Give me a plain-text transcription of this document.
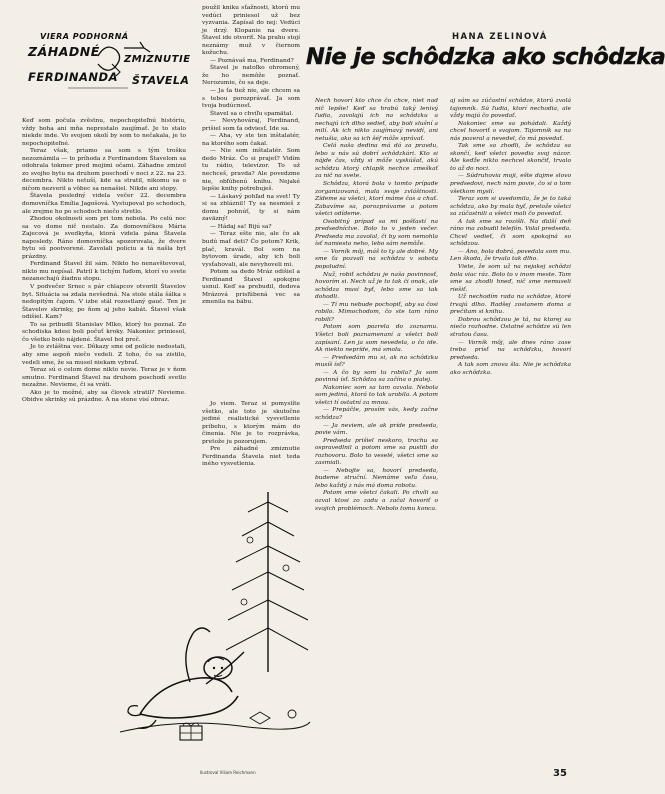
VIERA PODHORNÁ
ZÁHADNÉ
ZMIZNUTIE
FERDINANDA ŠTAVELA

Keď som počula zvěstnu, nepochopiteľnú históriu, vždy boha ani mňa neprestalo zaujímať. Je to stalo niekde inde. Vo svojom okolí by som to nečakala, je to nepochopiteľné.

Teraz však, priamo sa som s tým trošku nezoznámila — to príhoda z Ferdinandom Štavelom sa odohrala tokmer pred mojimi očami. Záhadne zmizol zo svojho bytu na druhom poschodí v noci z 22. na 23. decembra. Nikto netuší, kde sa stratil, nikomu sa o ničom nezveril a vôbec sa nenašiel. Nikde ani stopy.

Štavela posledný videla večer 22. decembra domovníčka Emília Jagošová. Vystupoval po schodoch, ale zrejme ho po schodoch niečo stretlo.

Zhodou okolností som pri tom nebola. Po celú noc sa vo dome nič nestalo. Za domovníčkou Mária Zajecová je svedkyňa, ktorá videla pána Štavela naposledy. Ráno domovníčka spozorovala, že dvere bytu sú pootvorené. Zavolali políciu a tá našla byt prázdny.

Ferdinand Štavel žil sám. Nikto ho nenavštevoval, nikto mu nepísal. Patril k tichým ľuďom, ktorí vo svete nezanechajú žiadnu stopu.

V podvečer Srnec s pár chlapcov otvorili Štavelov byt. Situácia sa zdala nevšedná. Na stole stála šálka s nedopitým čajom. V izbe stál rozostlaný gauč. Ten je Štavelov skrinky, po ňom aj jeho kabát. Štavel však odišiel. Kam?

To sa pribudli Stanislav Mlko, ktorý ho poznal. Zo schodiska kdesi boli počuť kroky. Nakoniec priniesol, čo všetko bolo nájdené. Štavel bol preč.

Je to zvláštna vec. Dôkazy sme od polície nedostali, aby sme aspoň niečo vedeli. Z toho, čo sa zistilo, vedeli sme, že sa musel niekam vybrať.

Teraz sú o celom dome nikto nevie. Teraz je v ňom smutno. Ferdinand Štavel na druhom poschodí svetlo nezažne. Nevieme, či sa vráti.

Ako je to možné, aby sa človek stratil? Nevieme. Obidve skrinky sú prázdne. A na stene visí obraz.

použil kniku sťažnosti, ktorú mu vedúci priniesol už bez vyzvania. Zapísal do nej: Vedúci je drzý. Klopanie na dvere. Štavel ide otvoriť. Na prahu stojí neznámy muž v čiernom kožuchu.

— Poznávaš ma, Ferdinand?

Štavel je natoľko ohromený, že ho nemôže poznať. Nerozumie, čo sa deje.

— Ja ťa tiež nie, ale chcem sa s tebou porozprávať. Ja som tvoja budúcnosť.

Štavel sa o chvíľu spamätal.

— Nevyhováraj, Ferdinand, prišiel som ťa odviesť. Ide sa.

— Aha, vy ste ten inštalatér, na ktorého som čakal.

— Nie som inštalatér. Som dedo Mráz. Čo si prajeť? Vidím tu rádio, televízor. To už nechceš, pravda? Ale povedzme nie, obľúbenú knihu. Nejaké lepšie knihy potrebuješ.

— Láskavý pohľad na svet! Ty si sa zbláznil! Ty sa nesmieš z domu pohnúť, ty si nám zaväzný!

— Hádaj sa! Bijú sa?

— Teraz ešte nie, ale čo ak budú mať deti? Čo potom? Krik, plač, kravál. Bol som na bytovom úrade, aby ich boli vysťahovali, ale nevyhoveli mi.

Potom sa dedo Mráz odišiel a Ferdinand Štavel spokojne usnul. Keď sa prebudil, dedova Mrázová prisľúbená vec sa zmenila na bábu.

Jo viem. Teraz si pomyslíte všetko, ale toto je skutočne jediné realistické vysvetlenie príbehu, s ktorým mám do činenia. Nie je to rozprávka, pretože ju pozorujem.

Pre záhadné zmiznutie Ferdinanda Štavela niet teda iného vysvetlenia.

HANA ZELINOVÁ
Nie je schôdzka ako schôdzka

Nech hovorí kto chce čo chce, niet nad nič lepšie! Keď sa hrabú taký lenivý ľudia, zavolajú ich na schôdzku a nechajú ich dlho sedieť, aby boli slušní a milí. Ak ich nikto zaujímavý nevidí, ani netušia, ako sa ich šéf môže správať.

Celá naša dedina má dá za pravdu, lebo u nás sú dobrí schôdzkári. Kto si nájde čas, vždy si môže vyskúšať, akú schôdzu ktorý chlapík nechce zmeškať za nič na svete.

Schôdza, ktorá bola v tomto prípade zorganizovaná, mala svoje zvláštnosti. Zídeme sa všetci, ktorí máme čas a chuť. Zabavíme sa, porozprávame a potom všetci odídeme.

Osobitný prípad sa mi pošťastí na predsedníctve. Bolo to v jeden večer. Predseda ma zavolal, či by som nemohla ísť namiesto neho, lebo sám nemôže.

— Vorník môj, máš to ty ale dobré. My sme ťa pozvali na schôdzu v sobotu popoludní.

Nuž, robiť schôdzu je naša povinnosť, hovorím si. Nech už je to tak či onak, ale schôdza musí byť, lebo sme sa tak dohodli.

— Tí mu nebude pochopiť, aby sa čosi robilo. Mimochodom, čo ste tam ráno robili?

Potom som pozrela do zoznamu. Všetci boli poznamenaní a všetci boli zapísaní. Len ja som nevedela, o čo ide. Ak niekto nepríde, má smolu.

— Predsedám mu si, ak na schôdzku musíš ísť?

— A čo by som tu robila? Ja som povinná ísť. Schôdza sa začína o piatej.

Nakoniec som sa tam ozvala. Nebola som jediná, ktorá to tak urobila. A potom všetci tí ostatní za mnou.

— Prepáčte, prosím vás, kedy začne schôdza?

— Ja neviem, ale ak príde predseda, povie vám.

Predseda prišiel neskoro, trochu sa ospravedlnil a potom sme sa pustili do rozhovoru. Bolo to veselé, všetci sme sa zasmiali.

— Nebojte sa, hovorí predseda, budeme struční. Nemáme veľa času, lebo každý z nás má doma robotu.

Potom sme všetci čakali. Po chvíli sa ozval ktosi zo zadu a začal hovoriť o svojich problémoch. Nebolo tomu konca.

aj sám sa zúčastní schôdze, ktorú zvolá tajomník. Sú ľudia, ktorí nechodia, ale vždy majú čo povedať.

Nakoniec sme sa pohádali. Každý chcel hovoriť o svojom. Tajomník sa na nás pozeral a nevedel, čo má povedať.

Tak sme sa zhodli, že schôdza sa skončí, keď všetci povedia svoj názor. Ale keďže nikto nechcel skončiť, trvalo to až do noci.

— Súdruhovia moji, ešte dajme slovo predsedovi, nech nám povie, čo si o tom všetkom myslí.

Teraz som si uvedomila, že je to taká schôdza, ako by mala byť, pretože všetci sa zúčastnili a všetci mali čo povedať.

A tak sme sa rozišli. Na ďalší deň ráno ma zobudil telefón. Volal predseda. Chcel vedieť, či som spokojná so schôdzou.

— Áno, bola dobrá, povedala som mu. Len škoda, že trvala tak dlho.

Viete, že som už na nejakej schôdzi bola viac ráz. Bolo to v inom meste. Tam sme sa zhodli hneď, nič sme nemuseli riešiť.

Už nechodím rada na schôdze, ktoré trvajú dlho. Radšej zostanem doma a prečítam si knihu.

Dobrou schôdzou je tá, na ktorej sa niečo rozhodne. Ostatné schôdze sú len stratou času.

— Vorník môj, ale dnes ráno zase treba prísť na schôdzku, hovorí predseda.

A tak som znova šla. Nie je schôdzka ako schôdzka.

Ilustroval Viliam Reichmann	35
